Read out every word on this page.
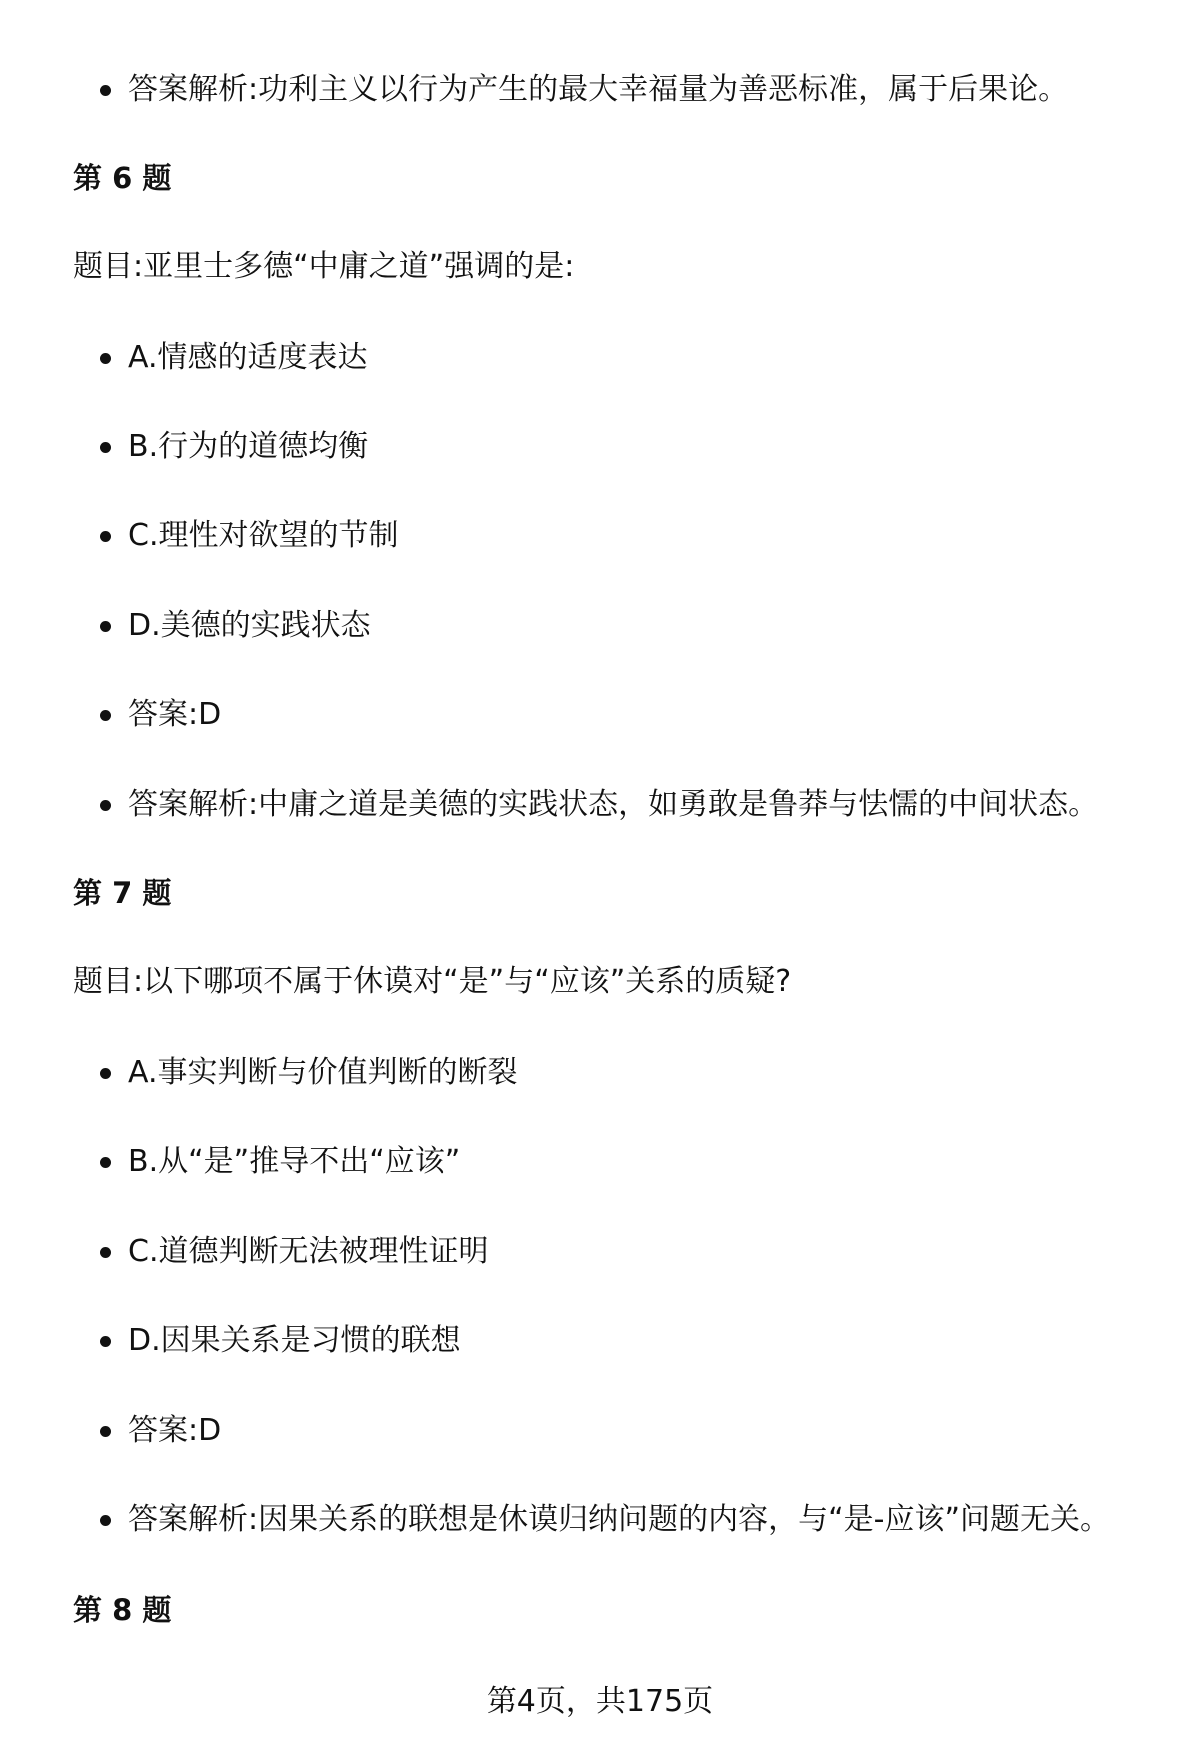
答案解析:功利主义以行为产生的最大幸福量为善恶标准，属于后果论。
第 6 题
题目:亚里士多德“中庸之道”强调的是:
A.情感的适度表达
B.行为的道德均衡
C.理性对欲望的节制
D.美德的实践状态
答案:D
答案解析:中庸之道是美德的实践状态，如勇敢是鲁莽与怯懦的中间状态。
第 7 题
题目:以下哪项不属于休谟对“是”与“应该”关系的质疑?
A.事实判断与价值判断的断裂
B.从“是”推导不出“应该”
C.道德判断无法被理性证明
D.因果关系是习惯的联想
答案:D
答案解析:因果关系的联想是休谟归纳问题的内容，与“是-应该”问题无关。
第 8 题
第4页，共175页
